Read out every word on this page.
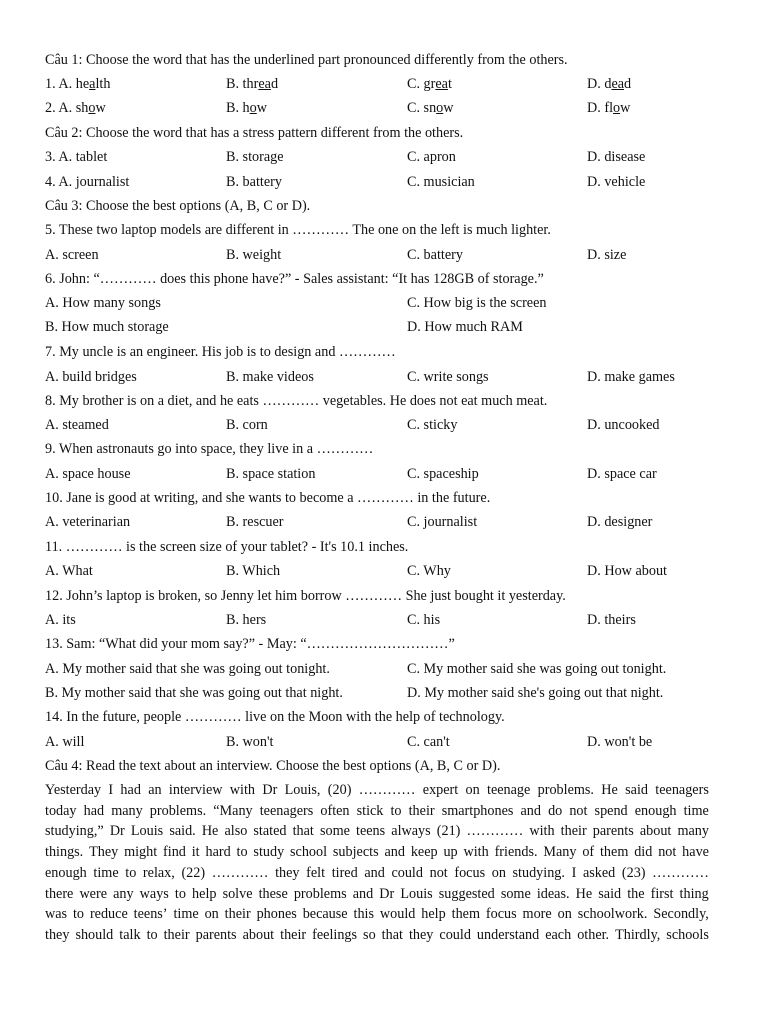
Câu 1: Choose the word that has the underlined part pronounced differently from the others.
1. A. health	B. thread	C. great	D. dead
2. A. show	B. how	C. snow	D. flow
Câu 2: Choose the word that has a stress pattern different from the others.
3. A. tablet	B. storage	C. apron	D. disease
4. A. journalist	B. battery	C. musician	D. vehicle
Câu 3: Choose the best options (A, B, C or D).
5. These two laptop models are different in ………… The one on the left is much lighter.
A. screen	B. weight	C. battery	D. size
6. John: “………… does this phone have?” - Sales assistant: “It has 128GB of storage.”
A. How many songs	C. How big is the screen
B. How much storage	D. How much RAM
7. My uncle is an engineer. His job is to design and …………
A. build bridges	B. make videos	C. write songs	D. make games
8. My brother is on a diet, and he eats ………… vegetables. He does not eat much meat.
A. steamed	B. corn	C. sticky	D. uncooked
9. When astronauts go into space, they live in a …………
A. space house	B. space station	C. spaceship	D. space car
10. Jane is good at writing, and she wants to become a ………… in the future.
A. veterinarian	B. rescuer	C. journalist	D. designer
11. ………… is the screen size of your tablet? - It's 10.1 inches.
A. What	B. Which	C. Why	D. How about
12. John’s laptop is broken, so Jenny let him borrow ………… She just bought it yesterday.
A. its	B. hers	C. his	D. theirs
13. Sam: “What did your mom say?” - May: “…………………………”
A. My mother said that she was going out tonight.	C. My mother said she was going out tonight.
B. My mother said that she was going out that night.	D. My mother said she's going out that night.
14. In the future, people ………… live on the Moon with the help of technology.
A. will	B. won't	C. can't	D. won't be
Câu 4: Read the text about an interview. Choose the best options (A, B, C or D).
Yesterday I had an interview with Dr Louis, (20) ………… expert on teenage problems. He said teenagers
today had many problems. “Many teenagers often stick to their smartphones and do not spend enough time
studying,” Dr Louis said. He also stated that some teens always (21) ………… with their parents about many
things. They might find it hard to study school subjects and keep up with friends. Many of them did not have
enough time to relax, (22) ………… they felt tired and could not focus on studying. I asked (23) …………
there were any ways to help solve these problems and Dr Louis suggested some ideas. He said the first thing
was to reduce teens’ time on their phones because this would help them focus more on schoolwork. Secondly,
they should talk to their parents about their feelings so that they could understand each other. Thirdly, schools
